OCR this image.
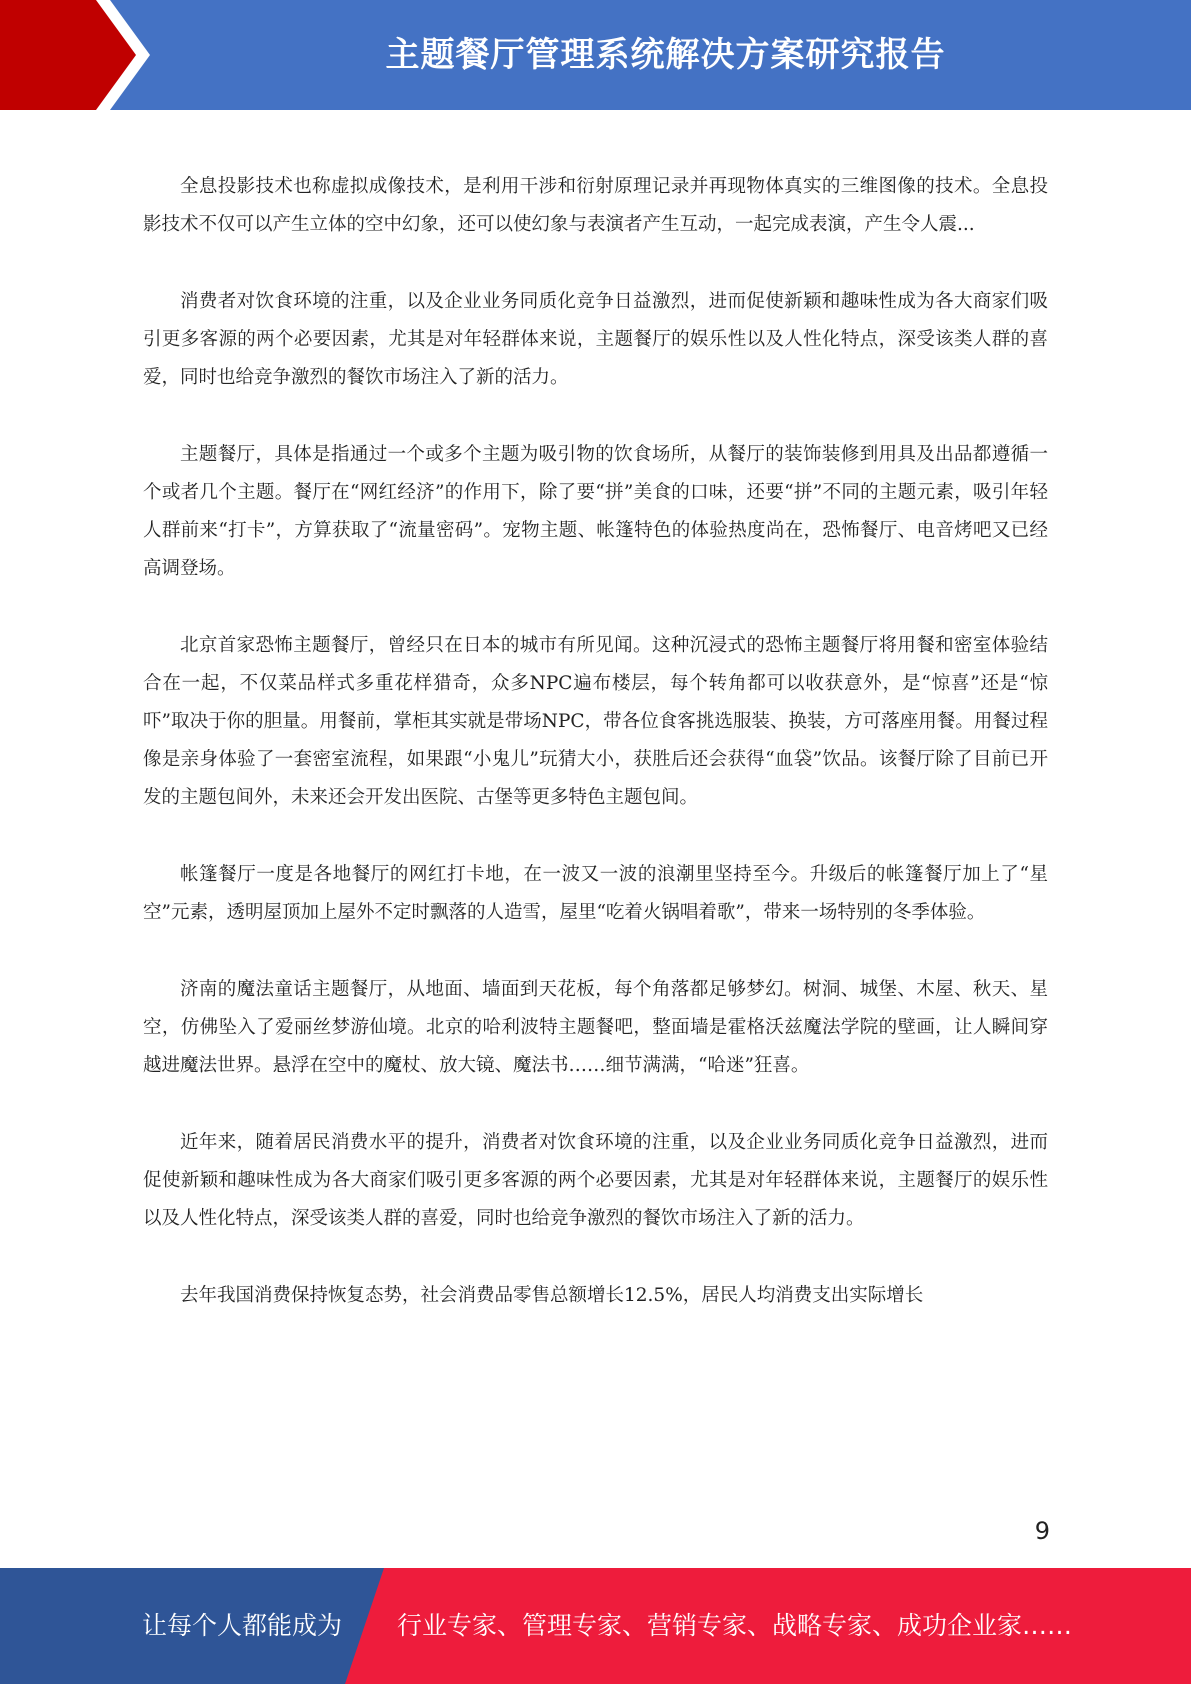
主题餐厅管理系统解决方案研究报告

全息投影技术也称虚拟成像技术，是利用干涉和衍射原理记录并再现物体真实的三维图像的技术。全息投影技术不仅可以产生立体的空中幻象，还可以使幻象与表演者产生互动，一起完成表演，产生令人震...

消费者对饮食环境的注重，以及企业业务同质化竞争日益激烈，进而促使新颖和趣味性成为各大商家们吸引更多客源的两个必要因素，尤其是对年轻群体来说，主题餐厅的娱乐性以及人性化特点，深受该类人群的喜爱，同时也给竞争激烈的餐饮市场注入了新的活力。

主题餐厅，具体是指通过一个或多个主题为吸引物的饮食场所，从餐厅的装饰装修到用具及出品都遵循一个或者几个主题。餐厅在“网红经济”的作用下，除了要“拼”美食的口味，还要“拼”不同的主题元素，吸引年轻人群前来“打卡”，方算获取了“流量密码”。宠物主题、帐篷特色的体验热度尚在，恐怖餐厅、电音烤吧又已经高调登场。

北京首家恐怖主题餐厅，曾经只在日本的城市有所见闻。这种沉浸式的恐怖主题餐厅将用餐和密室体验结合在一起，不仅菜品样式多重花样猎奇，众多NPC遍布楼层，每个转角都可以收获意外，是“惊喜”还是“惊吓”取决于你的胆量。用餐前，掌柜其实就是带场NPC，带各位食客挑选服装、换装，方可落座用餐。用餐过程像是亲身体验了一套密室流程，如果跟“小鬼儿”玩猜大小，获胜后还会获得“血袋”饮品。该餐厅除了目前已开发的主题包间外，未来还会开发出医院、古堡等更多特色主题包间。

帐篷餐厅一度是各地餐厅的网红打卡地，在一波又一波的浪潮里坚持至今。升级后的帐篷餐厅加上了“星空”元素，透明屋顶加上屋外不定时飘落的人造雪，屋里“吃着火锅唱着歌”，带来一场特别的冬季体验。

济南的魔法童话主题餐厅，从地面、墙面到天花板，每个角落都足够梦幻。树洞、城堡、木屋、秋天、星空，仿佛坠入了爱丽丝梦游仙境。北京的哈利波特主题餐吧，整面墙是霍格沃兹魔法学院的壁画，让人瞬间穿越进魔法世界。悬浮在空中的魔杖、放大镜、魔法书……细节满满，“哈迷”狂喜。

近年来，随着居民消费水平的提升，消费者对饮食环境的注重，以及企业业务同质化竞争日益激烈，进而促使新颖和趣味性成为各大商家们吸引更多客源的两个必要因素，尤其是对年轻群体来说，主题餐厅的娱乐性以及人性化特点，深受该类人群的喜爱，同时也给竞争激烈的餐饮市场注入了新的活力。

去年我国消费保持恢复态势，社会消费品零售总额增长12.5%，居民人均消费支出实际增长

9
让每个人都能成为 行业专家、管理专家、营销专家、战略专家、成功企业家……
